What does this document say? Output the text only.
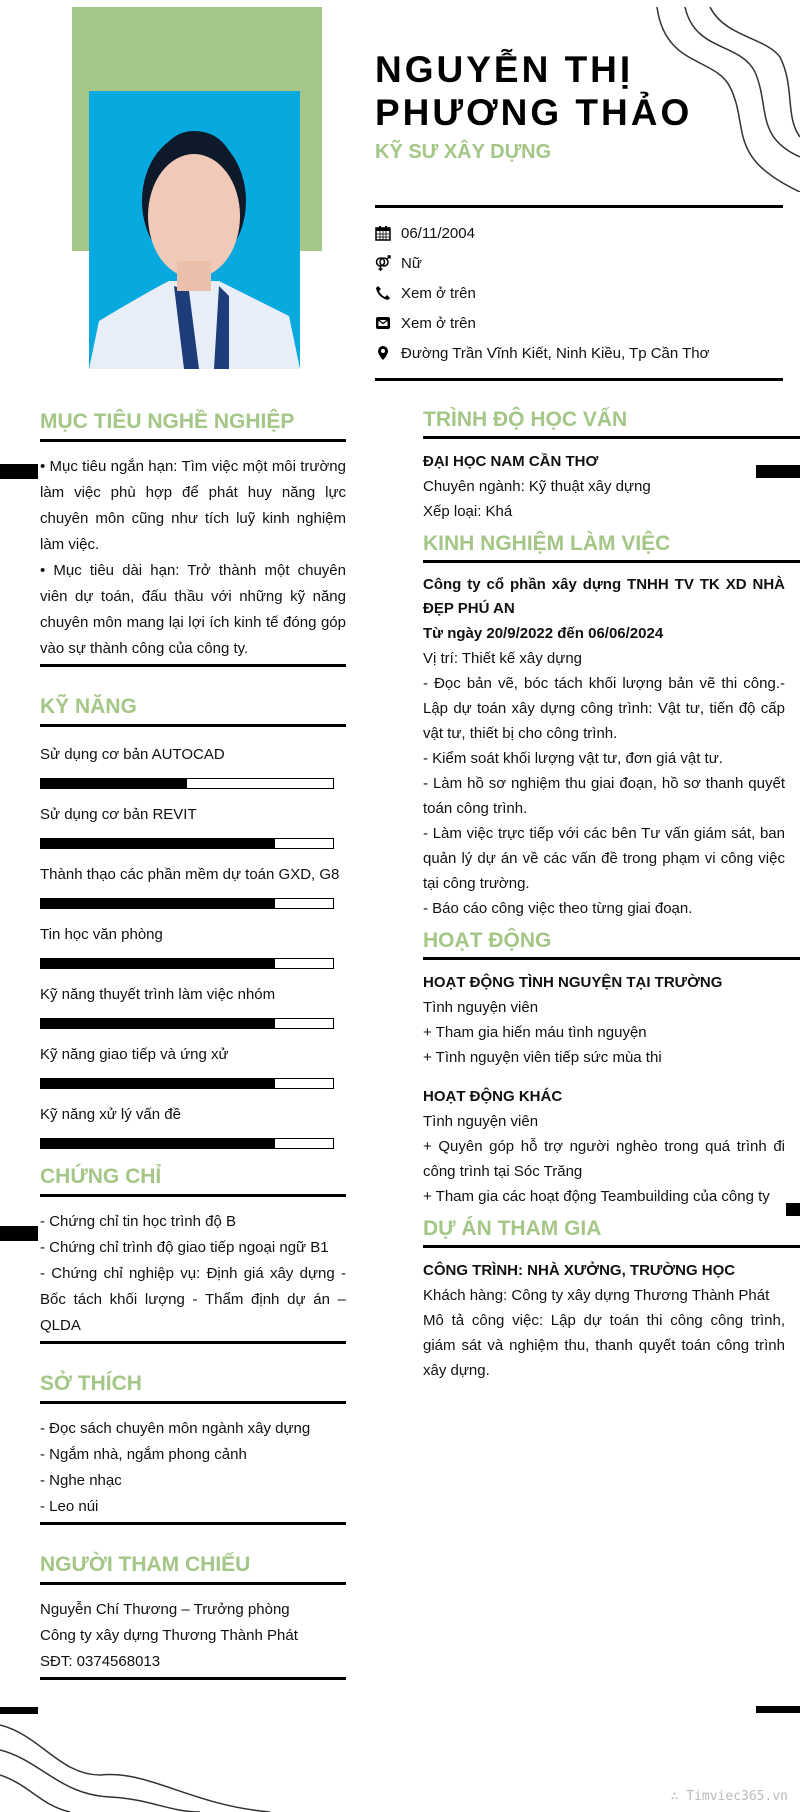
NGUYỄN THỊ
PHƯƠNG THẢO
KỸ SƯ XÂY DỰNG
06/11/2004
Nữ
Xem ở trên
Xem ở trên
Đường Trần Vĩnh Kiết, Ninh Kiều, Tp Cần Thơ
MỤC TIÊU NGHỀ NGHIỆP

• Mục tiêu ngắn hạn: Tìm việc một môi trường làm việc phù hợp để phát huy năng lực chuyên môn cũng như tích luỹ kinh nghiệm làm việc.

• Mục tiêu dài hạn: Trở thành một chuyên viên dự toán, đấu thầu với những kỹ năng chuyên môn mang lại lợi ích kinh tế đóng góp vào sự thành công của công ty.

KỸ NĂNG
Sử dụng cơ bản AUTOCAD
Sử dụng cơ bản REVIT
Thành thạo các phần mềm dự toán GXD, G8
Tin học văn phòng
Kỹ năng thuyết trình làm việc nhóm
Kỹ năng giao tiếp và ứng xử
Kỹ năng xử lý vấn đề
CHỨNG CHỈ

- Chứng chỉ tin học trình độ B

- Chứng chỉ trình độ giao tiếp ngoại ngữ B1

- Chứng chỉ nghiệp vụ: Định giá xây dựng - Bốc tách khối lượng - Thẩm định dự án – QLDA

SỞ THÍCH

- Đọc sách chuyên môn ngành xây dựng

- Ngắm nhà, ngắm phong cảnh

- Nghe nhạc

- Leo núi

NGƯỜI THAM CHIẾU

Nguyễn Chí Thương – Trưởng phòng

Công ty xây dựng Thương Thành Phát

SĐT: 0374568013

TRÌNH ĐỘ HỌC VẤN

ĐẠI HỌC NAM CẦN THƠ

Chuyên ngành: Kỹ thuật xây dựng

Xếp loại: Khá

KINH NGHIỆM LÀM VIỆC

Công ty cổ phần xây dựng TNHH TV TK XD NHÀ ĐẸP PHÚ AN

Từ ngày 20/9/2022 đến 06/06/2024

Vị trí: Thiết kế xây dựng

- Đọc bản vẽ, bóc tách khối lượng bản vẽ thi công.- Lập dự toán xây dựng công trình: Vật tư, tiến độ cấp vật tư, thiết bị cho công trình.

- Kiểm soát khối lượng vật tư, đơn giá vật tư.

- Làm hồ sơ nghiệm thu giai đoạn, hồ sơ thanh quyết toán công trình.

- Làm việc trực tiếp với các bên Tư vấn giám sát, ban quản lý dự án về các vấn đề trong phạm vi công việc tại công trường.

- Báo cáo công việc theo từng giai đoạn.

HOẠT ĐỘNG

HOẠT ĐỘNG TÌNH NGUYỆN TẠI TRƯỜNG

Tình nguyện viên

+ Tham gia hiến máu tình nguyện

+ Tình nguyện viên tiếp sức mùa thi

HOẠT ĐỘNG KHÁC

Tình nguyện viên

+ Quyên góp hỗ trợ người nghèo trong quá trình đi công trình tại Sóc Trăng

+ Tham gia các hoạt động Teambuilding của công ty

DỰ ÁN THAM GIA

CÔNG TRÌNH: NHÀ XƯỞNG, TRƯỜNG HỌC

Khách hàng: Công ty xây dựng Thương Thành Phát

Mô tả công việc: Lập dự toán thi công công trình, giám sát và nghiệm thu, thanh quyết toán công trình xây dựng.

∴ Timviec365.vn
